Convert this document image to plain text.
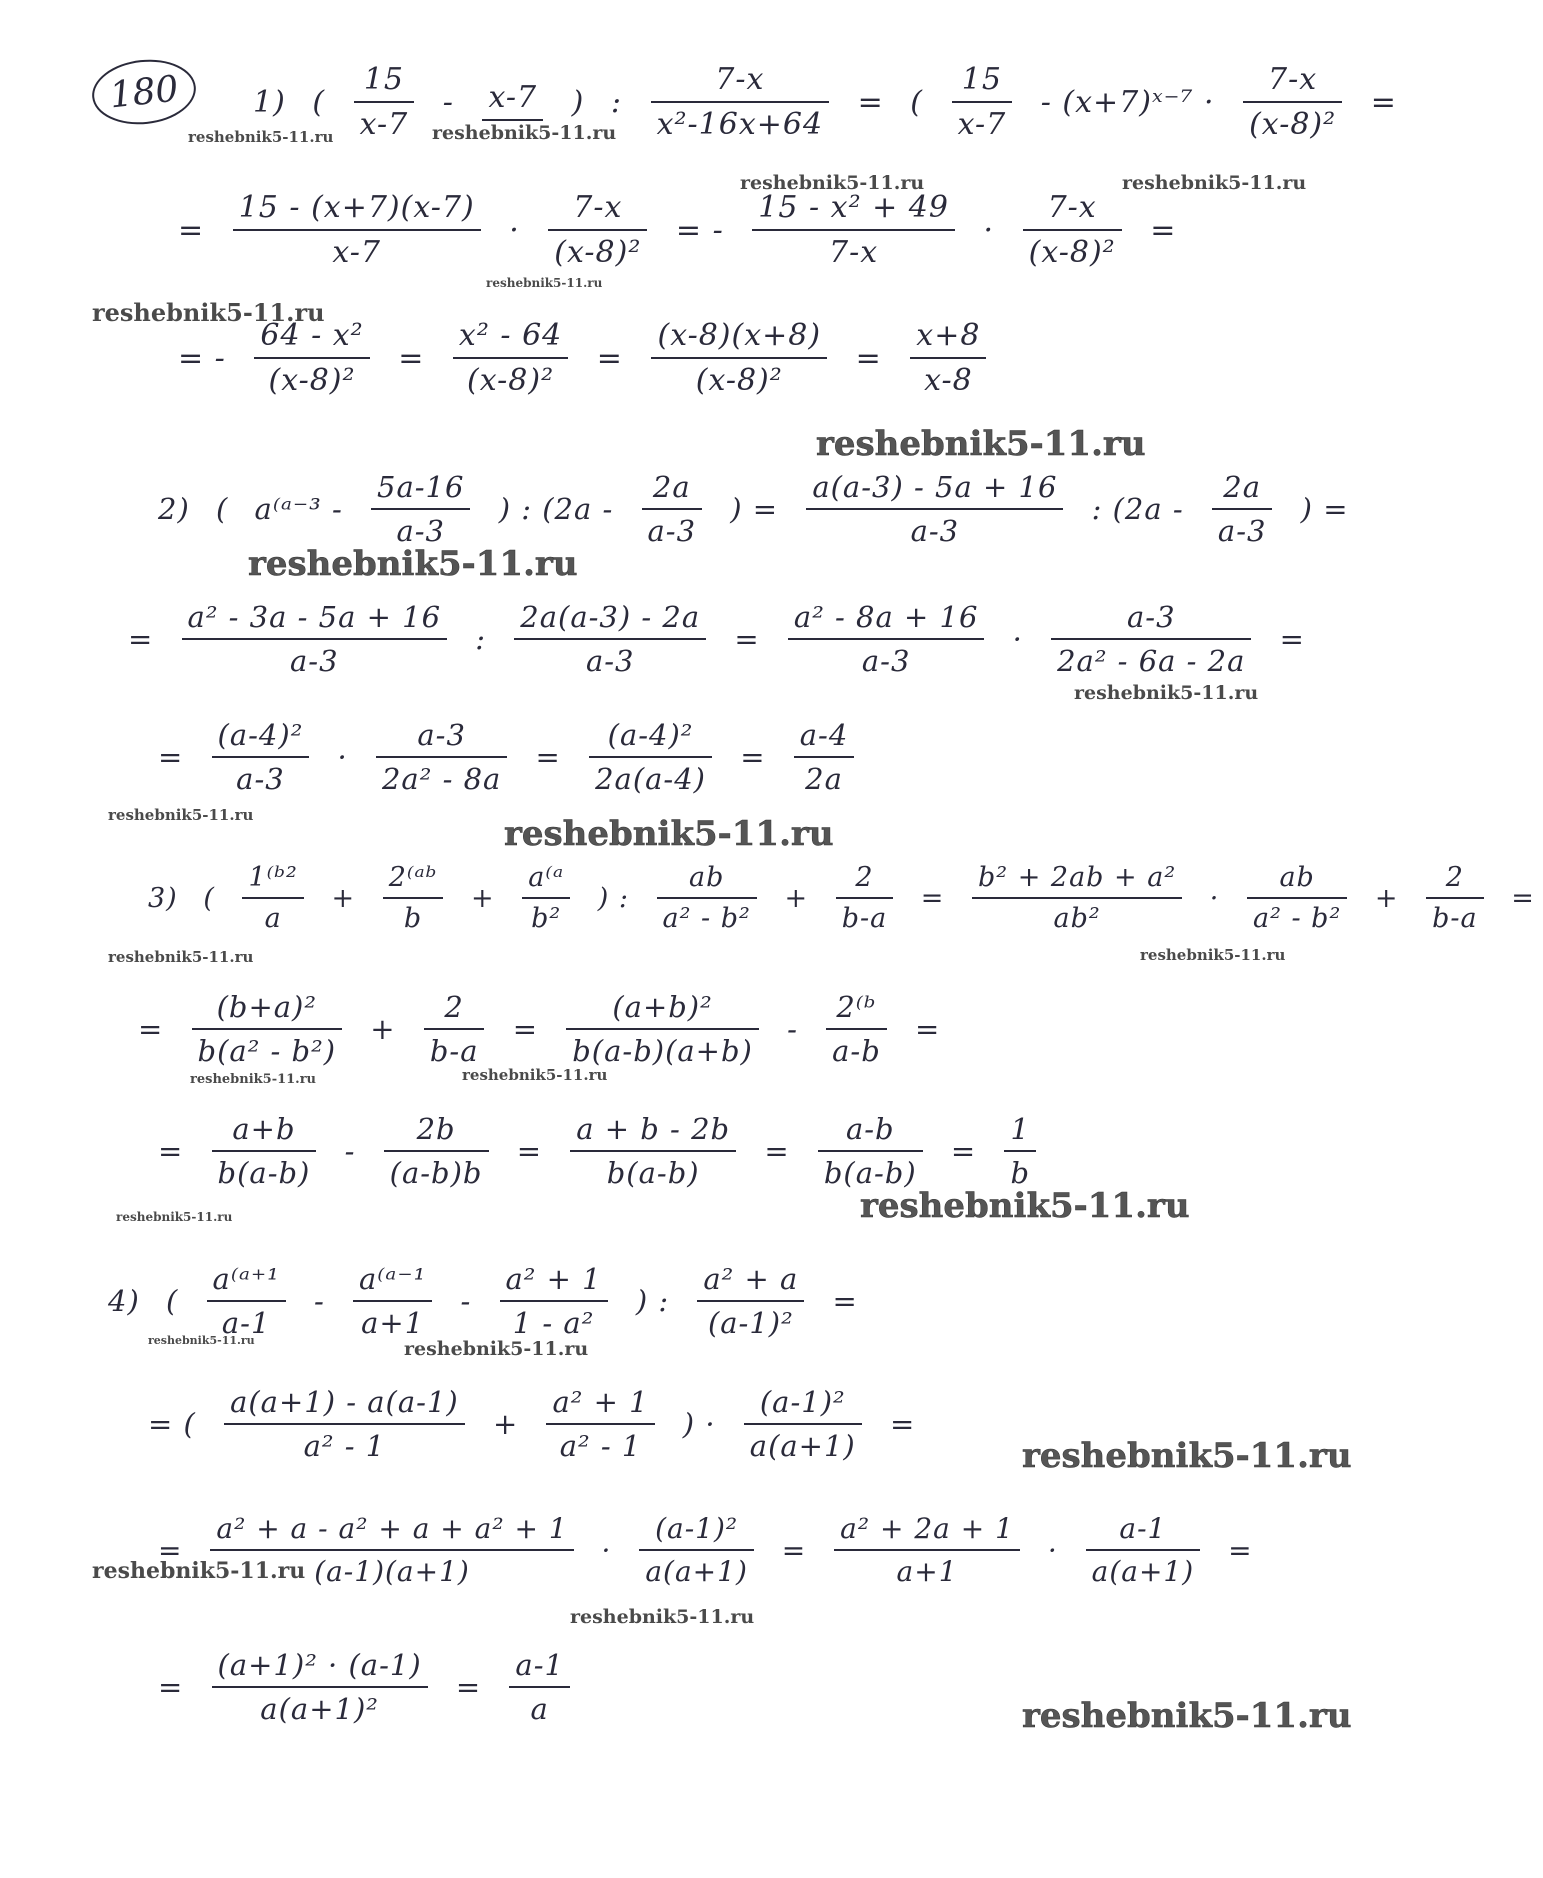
180	1) ( $\frac{15}{x-7} - x-7$ ) : $\frac{7-x}{\text{x²-16x+64}}$ = ( $\frac{15}{x-7}$ - (x+7)ˣ⁻⁷ · $\frac{7-x}{\text{(x-8)²}}$ =
= $\frac{15 - (x+7)(x-7)}{x-7} \cdot \frac{7-x}{\text{(x-8)²}}$ = - $\frac{\text{15 - x² + 49}}{7-x} \cdot \frac{7-x}{\text{(x-8)²}}$ =
= - $\frac{\text{64 - x²}}{\text{(x-8)²}} = \frac{\text{x² - 64}}{\text{(x-8)²}} = \frac{(x-8)(x+8)}{\text{(x-8)²}} = \frac{x+8}{x-8}$
2) ( a⁽ᵃ⁻³ - $\frac{5a-16}{a-3}$ ) : ($2a - \frac{2a}{a-3}$ ) = $\frac{a(a-3) - 5a + 16}{a-3}$ : ($2a - \frac{2a}{a-3}$ ) =
= $\frac{\text{a² - 3a - 5a + 16}}{a-3}$ : $\frac{2a(a-3) - 2a}{a-3} = \frac{\text{a² - 8a + 16}}{a-3} \cdot \frac{a-3}{\text{2a² - 6a - 2a}}$ =
= $\frac{\text{(a-4)²}}{a-3} \cdot \frac{a-3}{\text{2a² - 8a}} = \frac{\text{(a-4)²}}{2a(a-4)} = \frac{a-4}{2a}$
3) ( $\frac{\text{1⁽ᵇ²}}{a} + \frac{\text{2⁽ᵃᵇ}}{b} + \frac{\text{a⁽ᵃ}}{\text{b²}}$ ) : $\frac{ab}{\text{a² - b²}} + \frac{2}{b-a} = \frac{\text{b² + 2ab + a²}}{\text{ab²}} \cdot \frac{ab}{\text{a² - b²}} + \frac{2}{b-a}$ =
= $\frac{\text{(b+a)²}}{\text{b(a² - b²)}} + \frac{2}{b-a} = \frac{\text{(a+b)²}}{b(a-b)(a+b)} - \frac{\text{2⁽ᵇ}}{a-b}$ =
= $\frac{a+b}{b(a-b)} - \frac{2b}{(a-b)b} = \frac{a + b - 2b}{b(a-b)} = \frac{a-b}{b(a-b)} = \frac{1}{b}$
4) ( $\frac{\text{a⁽ᵃ⁺¹}}{a-1} - \frac{\text{a⁽ᵃ⁻¹}}{a+1} - \frac{\text{a² + 1}}{\text{1 - a²}}$ ) : $\frac{\text{a² + a}}{\text{(a-1)²}}$ =
= ( $\frac{a(a+1) - a(a-1)}{\text{a² - 1}} + \frac{\text{a² + 1}}{\text{a² - 1}}$ ) · $\frac{\text{(a-1)²}}{a(a+1)}$ =
= $\frac{\text{a² + a - a² + a + a² + 1}}{(a-1)(a+1)} \cdot \frac{\text{(a-1)²}}{a(a+1)} = \frac{\text{a² + 2a + 1}}{a+1} \cdot \frac{a-1}{a(a+1)}$ =
= $\frac{\text{(a+1)² · (a-1)}}{\text{a(a+1)²}} = \frac{a-1}{a}$
reshebnik5-11.ru	reshebnik5-11.ru
reshebnik5-11.ru	reshebnik5-11.ru
reshebnik5-11.ru
reshebnik5-11.ru
reshebnik5-11.ru
reshebnik5-11.ru
reshebnik5-11.ru
reshebnik5-11.ru	reshebnik5-11.ru
reshebnik5-11.ru	reshebnik5-11.ru
reshebnik5-11.ru	reshebnik5-11.ru
reshebnik5-11.ru
reshebnik5-11.ru
reshebnik5-11.ru	reshebnik5-11.ru
reshebnik5-11.ru
reshebnik5-11.ru
reshebnik5-11.ru
reshebnik5-11.ru
